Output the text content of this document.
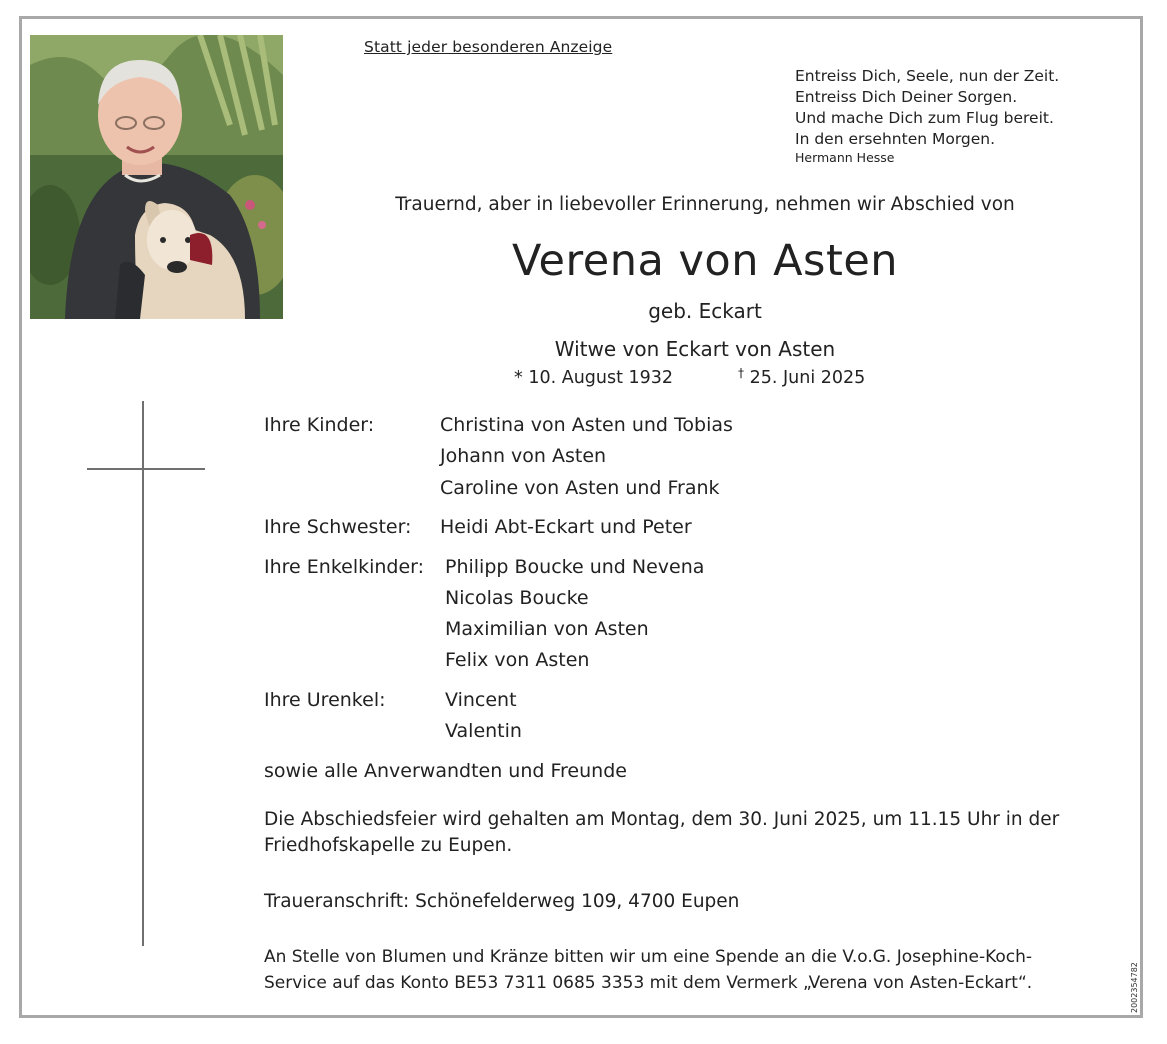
Statt jeder besonderen Anzeige
Entreiss Dich, Seele, nun der Zeit.
Entreiss Dich Deiner Sorgen.
Und mache Dich zum Flug bereit.
In den ersehnten Morgen.
Hermann Hesse
Trauernd, aber in liebevoller Erinnerung, nehmen wir Abschied von
Verena von Asten
geb. Eckart
Witwe von Eckart von Asten
* 10. August 1932	† 25. Juni 2025
Ihre Kinder:	Christina von Asten und Tobias
Johann von Asten
Caroline von Asten und Frank
Ihre Schwester: Heidi Abt-Eckart und Peter
Ihre Enkelkinder: Philipp Boucke und Nevena
Nicolas Boucke
Maximilian von Asten
Felix von Asten
Ihre Urenkel:	Vincent
Valentin
sowie alle Anverwandten und Freunde
Die Abschiedsfeier wird gehalten am Montag, dem 30. Juni 2025, um 11.15 Uhr in der
Friedhofskapelle zu Eupen.
Traueranschrift: Schönefelderweg 109, 4700 Eupen
An Stelle von Blumen und Kränze bitten wir um eine Spende an die V.o.G. Josephine-Koch-
Service auf das Konto BE53 7311 0685 3353 mit dem Vermerk „Verena von Asten-Eckart“.	2002354782
